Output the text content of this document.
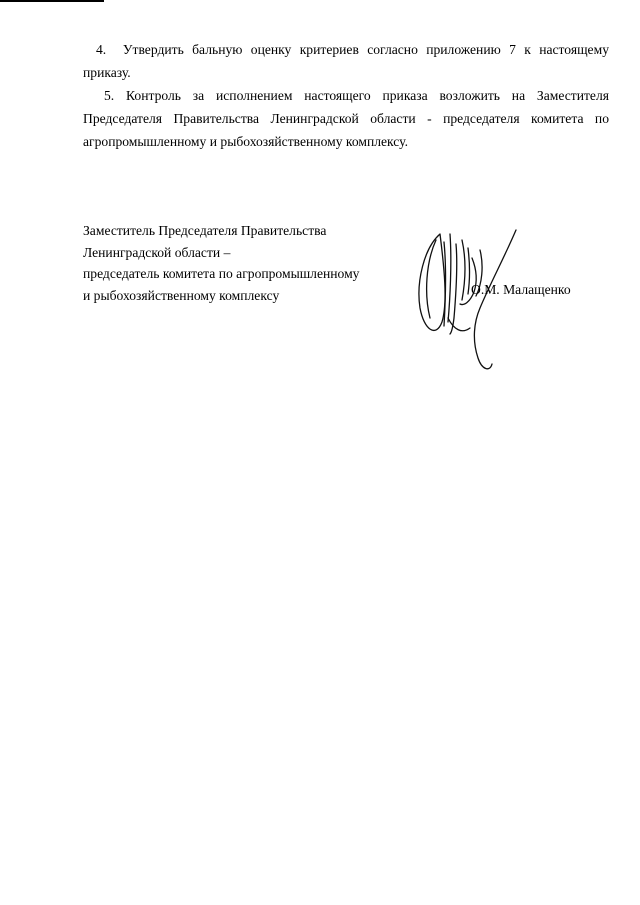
4. Утвердить бальную оценку критериев согласно приложению 7 к настоящему приказу.

5. Контроль за исполнением настоящего приказа возложить на Заместителя Председателя Правительства Ленинградской области - председателя комитета по агропромышленному и рыбохозяйственному комплексу.

Заместитель Председателя Правительства
Ленинградской области –
председатель комитета по агропромышленному
и рыбохозяйственному комплексу	О.М. Малащенко
